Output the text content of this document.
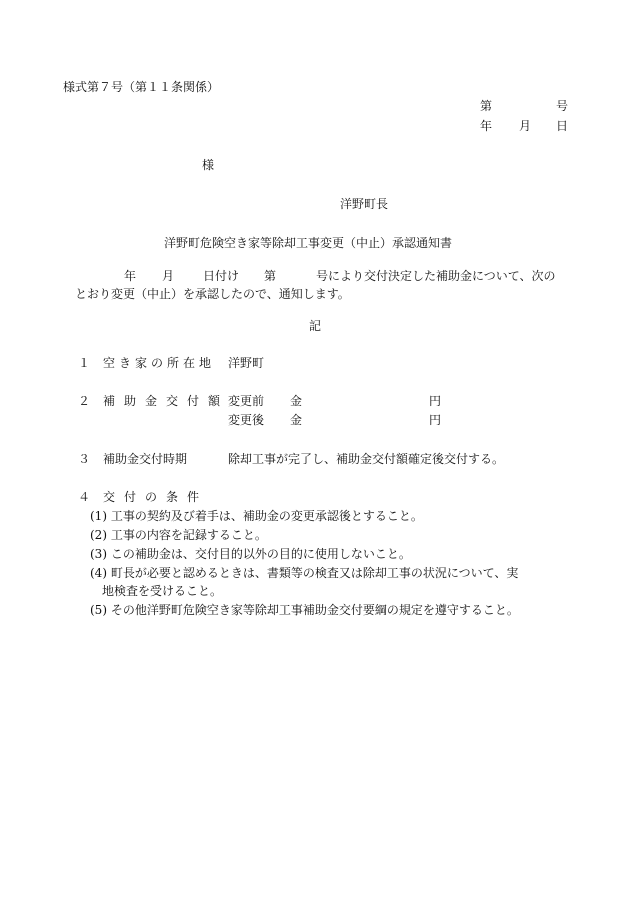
様式第７号（第１１条関係）
第	号
年 月 日
様
洋野町長
洋野町危険空き家等除却工事変更（中止）承認通知書
年 月 日付け 第	号により交付決定した補助金について、次の
とおり変更（中止）を承認したので、通知します。
記
１ 空き家の所在地 洋野町
２ 補助金交付額
変更前 金	円
変更後 金	円
３ 補助金交付時期	除却工事が完了し、補助金交付額確定後交付する。
４ 交付の条件
(1) 工事の契約及び着手は、補助金の変更承認後とすること。
(2) 工事の内容を記録すること。
(3) この補助金は、交付目的以外の目的に使用しないこと。
(4) 町長が必要と認めるときは、書類等の検査又は除却工事の状況について、実
地検査を受けること。
(5) その他洋野町危険空き家等除却工事補助金交付要綱の規定を遵守すること。
